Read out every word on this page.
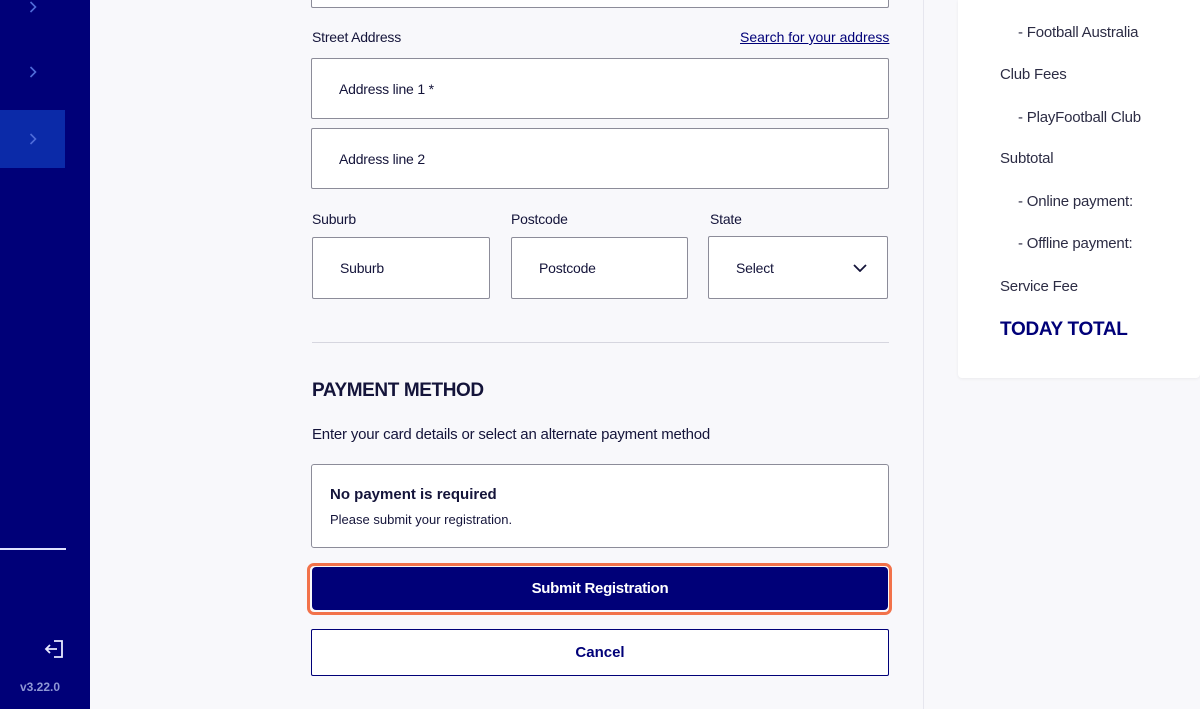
v3.22.0
Street Address	Search for your address
Address line 1 *
Address line 2
Suburb	Postcode	State
Suburb	Postcode	Select
PAYMENT METHOD
Enter your card details or select an alternate payment method
No payment is required
Please submit your registration.
Submit Registration
Cancel
- Football Australia
Club Fees
- PlayFootball Club
Subtotal
- Online payment:
- Offline payment:
Service Fee
TODAY TOTAL
